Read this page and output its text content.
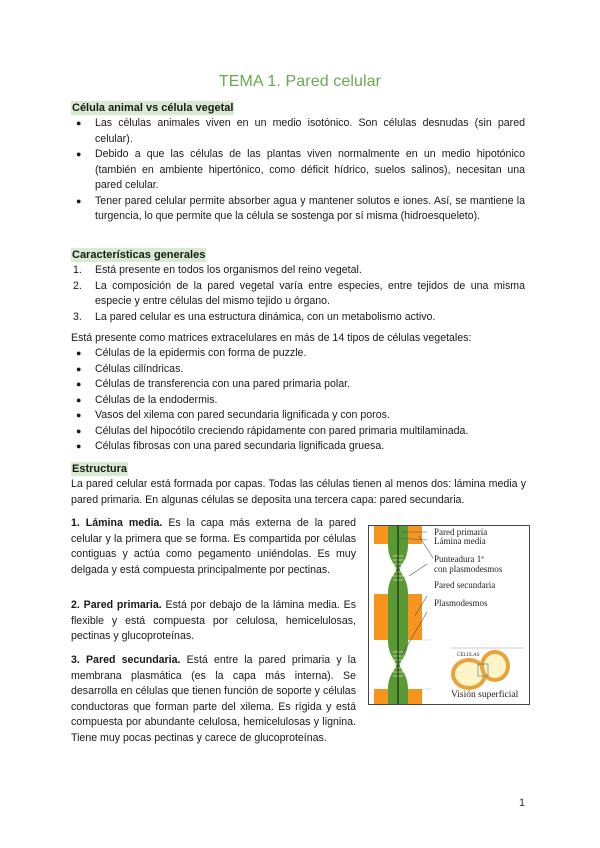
TEMA 1. Pared celular
Célula animal vs célula vegetal
● Las células animales viven en un medio isotónico. Son células desnudas (sin pared celular).
● Debido a que las células de las plantas viven normalmente en un medio hipotónico (también en ambiente hipertónico, como déficit hídrico, suelos salinos), necesitan una pared celular.
● Tener pared celular permite absorber agua y mantener solutos e iones. Así, se mantiene la turgencia, lo que permite que la célula se sostenga por sí misma (hidroesqueleto).
Características generales
1. Está presente en todos los organismos del reino vegetal.
2. La composición de la pared vegetal varía entre especies, entre tejidos de una misma especie y entre células del mismo tejido u órgano.
3. La pared celular es una estructura dinámica, con un metabolismo activo.
Está presente como matrices extracelulares en más de 14 tipos de células vegetales:
● Células de la epidermis con forma de puzzle.
● Células cilíndricas.
● Células de transferencia con una pared primaria polar.
● Células de la endodermis.
● Vasos del xilema con pared secundaria lignificada y con poros.
● Células del hipocótilo creciendo rápidamente con pared primaria multilaminada.
● Células fibrosas con una pared secundaria lignificada gruesa.
Estructura
La pared celular está formada por capas. Todas las células tienen al menos dos: lámina media y pared primaria. En algunas células se deposita una tercera capa: pared secundaria.
1. Lámina media. Es la capa más externa de la pared celular y la primera que se forma. Es compartida por células contiguas y actúa como pegamento uniéndolas. Es muy delgada y está compuesta principalmente por pectinas.
2. Pared primaria. Está por debajo de la lámina media. Es flexible y está compuesta por celulosa, hemicelulosas, pectinas y glucoproteínas.
3. Pared secundaria. Está entre la pared primaria y la membrana plasmática (es la capa más interna). Se desarrolla en células que tienen función de soporte y células conductoras que forman parte del xilema. Es rígida y está compuesta por abundante celulosa, hemicelulosas y lignina. Tiene muy pocas pectinas y carece de glucoproteínas.
Pared primaria
Lámina media
Punteadura 1ª
con plasmodesmos
Pared secundaria
Plasmodesmos
CÉLULAS
Visión superficial
1
